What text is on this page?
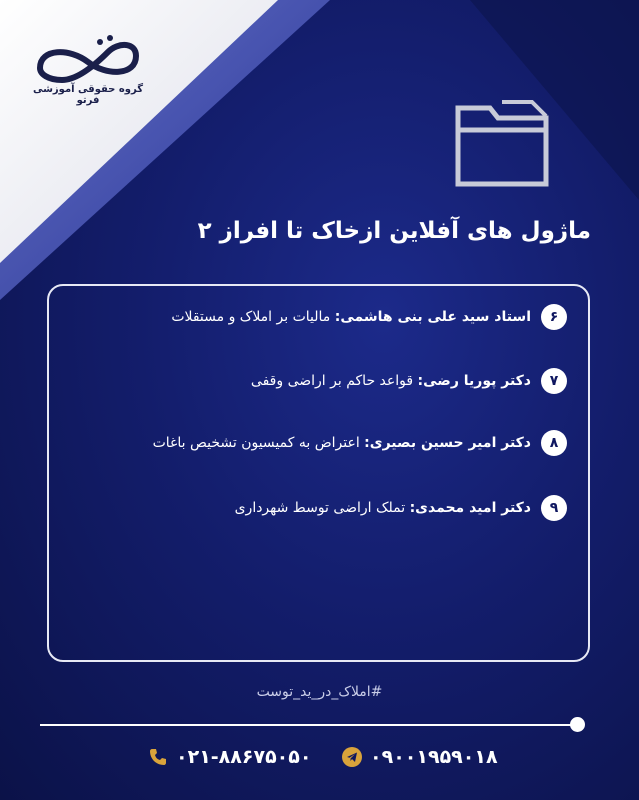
گروه حقوقی آموزشی فرتو
ماژول های آفلاین ازخاک تا افراز ۲
۶
استاد سید علی بنی هاشمی: مالیات بر املاک و مستقلات
۷
دکتر پوریا رضی: قواعد حاکم بر اراضی وقفی
۸
دکتر امیر حسین بصیری: اعتراض به کمیسیون تشخیص باغات
۹
دکتر امید محمدی: تملک اراضی توسط شهرداری
#املاک_در_ید_توست
۰۹۰۰۱۹۵۹۰۱۸
۰۲۱-۸۸۶۷۵۰۵۰
